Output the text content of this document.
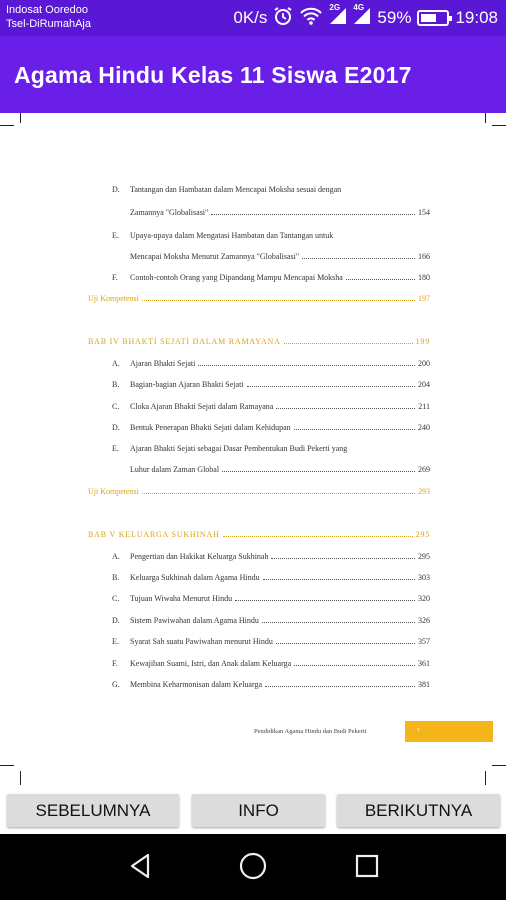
Indosat Ooredoo
Tsel-DiRumahAja	0K/s
2G 4G
59%	19:08
Agama Hindu Kelas 11 Siswa E2017
D. Tantangan dan Hambatan dalam Mencapai Moksha sesuai dengan
Zamannya "Globalisasi"	154
E. Upaya-upaya dalam Mengatasi Hambatan dan Tantangan untuk
Mencapai Moksha Menurut Zamannya "Globalisasi"	166
F. Contoh-contoh Orang yang Dipandang Mampu Mencapai Moksha	180
Uji Kompetensi	197
BAB IV BHAKTI SEJATI DALAM RAMAYANA	199
A. Ajaran Bhakti Sejati	200
B. Bagian-bagian Ajaran Bhakti Sejati	204
C. Cloka Ajaran Bhakti Sejati dalam Ramayana	211
D. Bentuk Penerapan Bhakti Sejati dalam Kehidupan	240
E. Ajaran Bhakti Sejati sebagai Dasar Pembentukan Budi Pekerti yang
Luhur dalam Zaman Global	269
Uji Kompetensi	293
BAB V KELUARGA SUKHINAH	295
A. Pengertian dan Hakikat Keluarga Sukhinah	295
B. Keluarga Sukhinah dalam Agama Hindu	303
C. Tujuan Wiwaha Menurut Hindu	320
D. Sistem Pawiwahan dalam Agama Hindu	326
E. Syarat Sah suatu Pawiwahan menurut Hindu	357
F. Kewajiban Suami, Istri, dan Anak dalam Keluarga	361
G. Membina Keharmonisan dalam Keluarga	381
Pendidikan Agama Hindu dan Budi Pekerti	v
SEBELUMNYA	INFO	BERIKUTNYA
